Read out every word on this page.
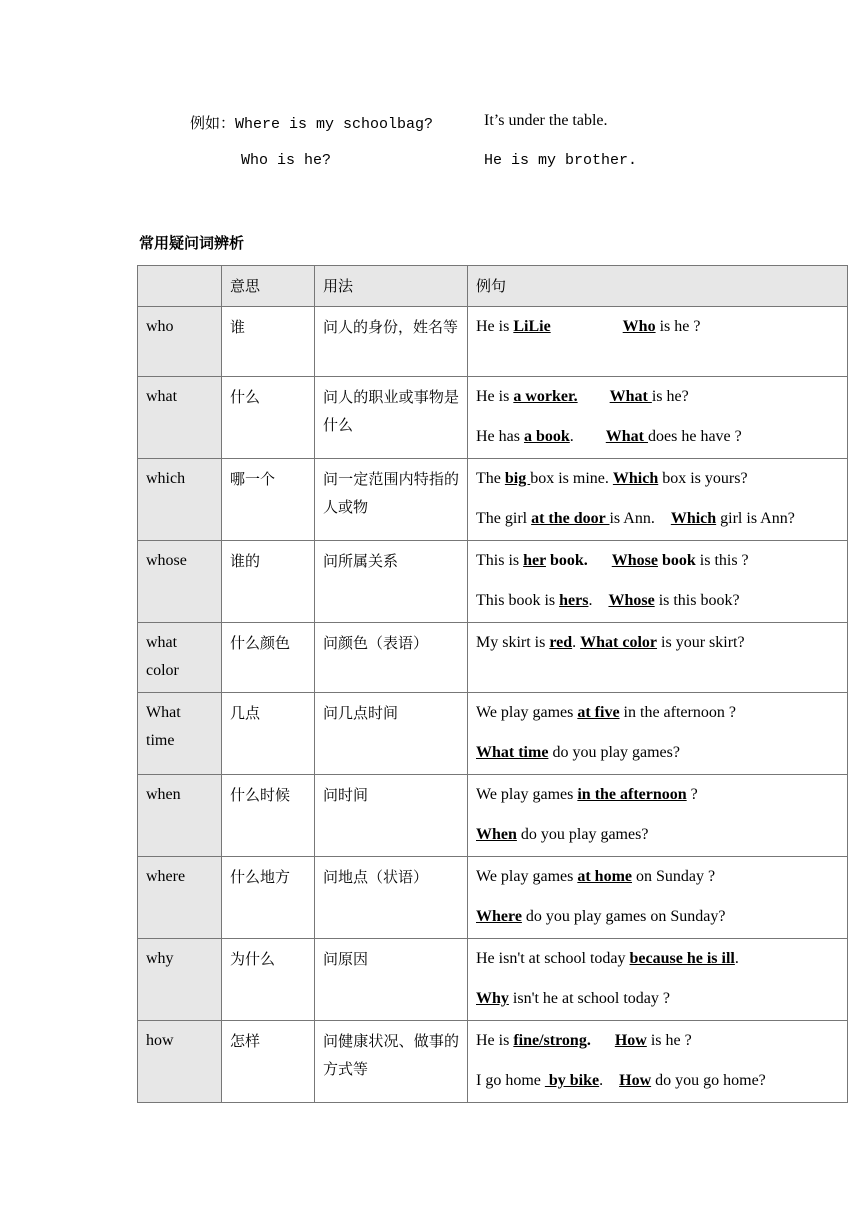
例如：Where is my schoolbag?	It’s under the table.
Who is he?	He is my brother.
常用疑问词辨析
	意思	用法	例句
who	谁	问人的身份，姓名等	He is LiLie Who is he ?

what	什么	问人的职业或事物是什么	He is a worker. What is he?
He has a book.        What does he have ?

which	哪一个	问一定范围内特指的人或物	The big box is mine. Which box is yours?
The girl at the door is Ann.    Which girl is Ann?

whose	谁的	问所属关系	This is her book. Whose book is this ?
This book is hers.    Whose is this book?

what color	什么颜色	问颜色（表语）	My skirt is red. What color is your skirt?

What time	几点	问几点时间	We play games at five in the afternoon ?
What time do you play games?

when	什么时候	问时间	We play games in the afternoon ?
When do you play games?

where	什么地方	问地点（状语）	We play games at home on Sunday ?
Where do you play games on Sunday?

why	为什么	问原因	He isn't at school today because he is ill.
Why isn't he at school today ?

how	怎样	问健康状况、做事的方式等	He is fine/strong. How is he ?
I go home  by bike.    How do you go home?
